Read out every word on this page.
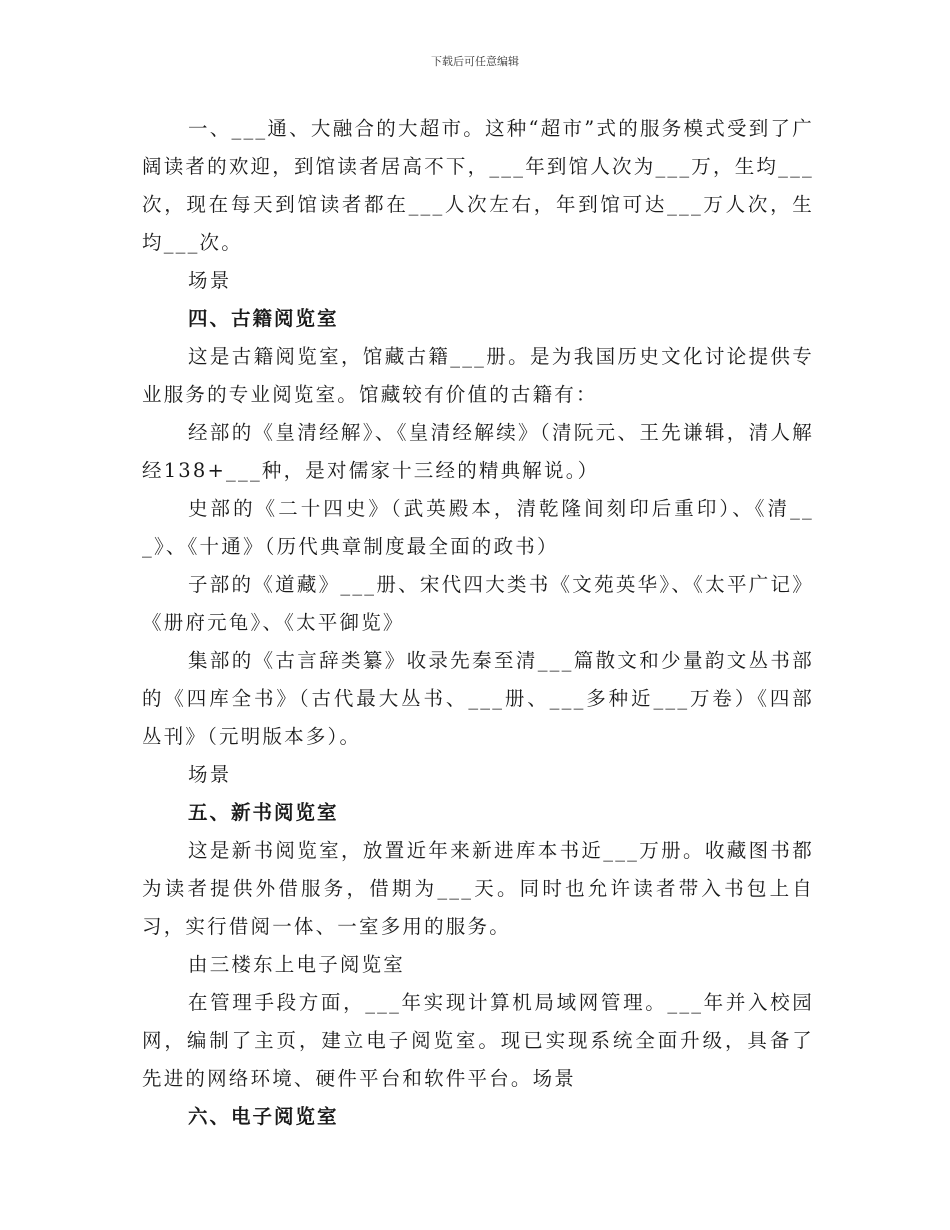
下载后可任意编辑

一、___通、大融合的大超市。这种“超市”式的服务模式受到了广阔读者的欢迎，到馆读者居高不下，___年到馆人次为___万，生均___次，现在每天到馆读者都在___人次左右，年到馆可达___万人次，生均___次。

场景

四、古籍阅览室

这是古籍阅览室，馆藏古籍___册。是为我国历史文化讨论提供专业服务的专业阅览室。馆藏较有价值的古籍有：

经部的《皇清经解》、《皇清经解续》（清阮元、王先谦辑，清人解经138+___种，是对儒家十三经的精典解说。）

史部的《二十四史》（武英殿本，清乾隆间刻印后重印）、《清___》、《十通》（历代典章制度最全面的政书）

子部的《道藏》___册、宋代四大类书《文苑英华》、《太平广记》《册府元龟》、《太平御览》

集部的《古言辞类纂》收录先秦至清___篇散文和少量韵文丛书部的《四库全书》（古代最大丛书、___册、___多种近___万卷）《四部丛刊》（元明版本多）。

场景

五、新书阅览室

这是新书阅览室，放置近年来新进库本书近___万册。收藏图书都为读者提供外借服务，借期为___天。同时也允许读者带入书包上自习，实行借阅一体、一室多用的服务。

由三楼东上电子阅览室

在管理手段方面，___年实现计算机局域网管理。___年并入校园网，编制了主页，建立电子阅览室。现已实现系统全面升级，具备了先进的网络环境、硬件平台和软件平台。场景

六、电子阅览室
